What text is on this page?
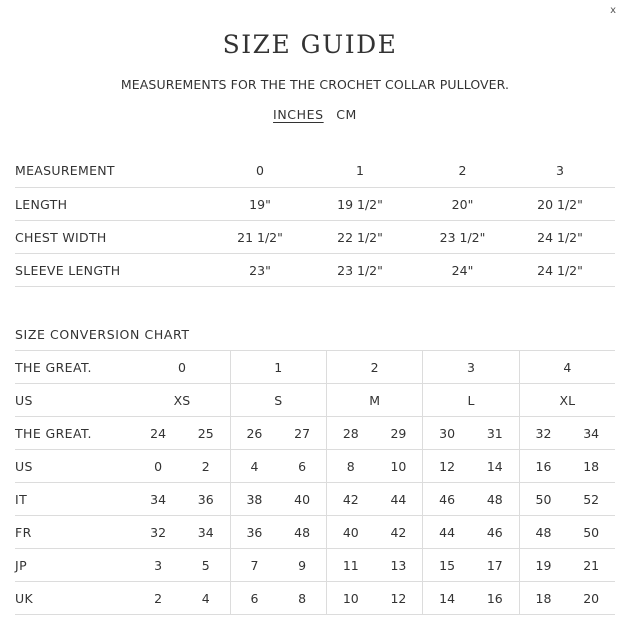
x
SIZE GUIDE
MEASUREMENTS FOR THE THE CROCHET COLLAR PULLOVER.
INCHES CM
MEASUREMENT	0	1	2	3
LENGTH	19"	19 1/2"	20"	20 1/2"
CHEST WIDTH	21 1/2"	22 1/2"	23 1/2"	24 1/2"
SLEEVE LENGTH	23"	23 1/2"	24"	24 1/2"
SIZE CONVERSION CHART
THE GREAT.	0		1		2		3		4	
US	XS		S		M		L		XL	
THE GREAT.	24	25	26	27	28	29	30	31	32	34
US	0	2	4	6	8	10	12	14	16	18
IT	34	36	38	40	42	44	46	48	50	52
FR	32	34	36	48	40	42	44	46	48	50
JP	3	5	7	9	11	13	15	17	19	21
UK	2	4	6	8	10	12	14	16	18	20
